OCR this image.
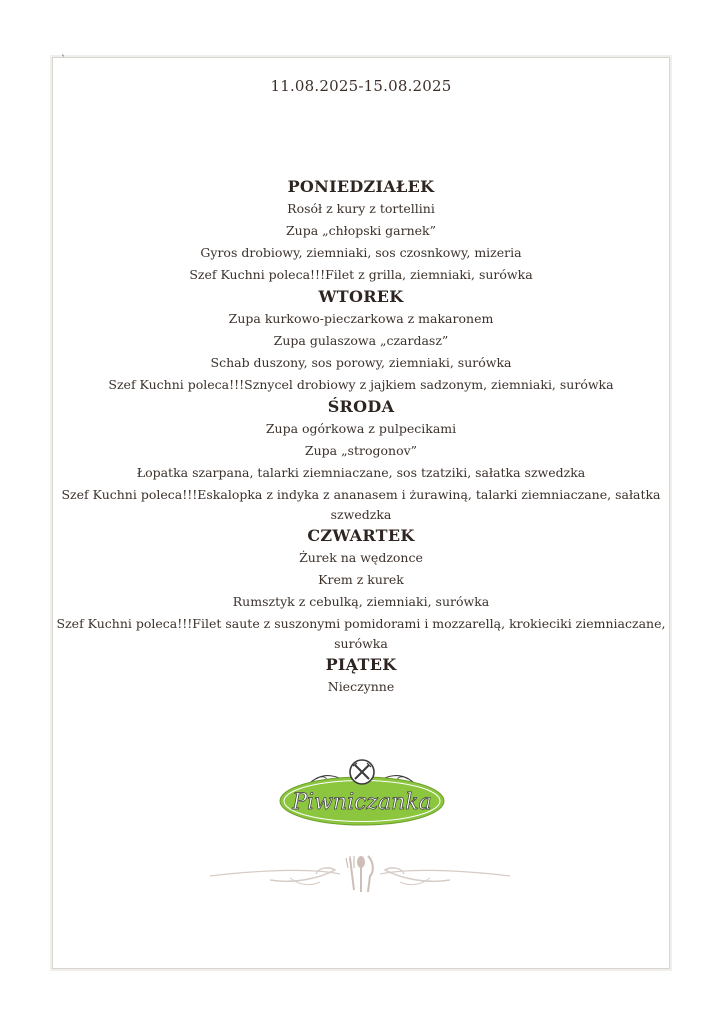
`
11.08.2025-15.08.2025

PONIEDZIAŁEK

Rosół z kury z tortellini

Zupa „chłopski garnek”

Gyros drobiowy, ziemniaki, sos czosnkowy, mizeria

Szef Kuchni poleca!!!Filet z grilla, ziemniaki, surówka

WTOREK

Zupa kurkowo-pieczarkowa z makaronem

Zupa gulaszowa „czardasz”

Schab duszony, sos porowy, ziemniaki, surówka

Szef Kuchni poleca!!!Sznycel drobiowy z jajkiem sadzonym, ziemniaki, surówka

ŚRODA

Zupa ogórkowa z pulpecikami

Zupa „strogonov”

Łopatka szarpana, talarki ziemniaczane, sos tzatziki, sałatka szwedzka

Szef Kuchni poleca!!!Eskalopka z indyka z ananasem i żurawiną, talarki ziemniaczane, sałatka szwedzka

CZWARTEK

Żurek na wędzonce

Krem z kurek

Rumsztyk z cebulką, ziemniaki, surówka

Szef Kuchni poleca!!!Filet saute z suszonymi pomidorami i mozzarellą, krokieciki ziemniaczane, surówka

PIĄTEK

Nieczynne

Piwniczanka
